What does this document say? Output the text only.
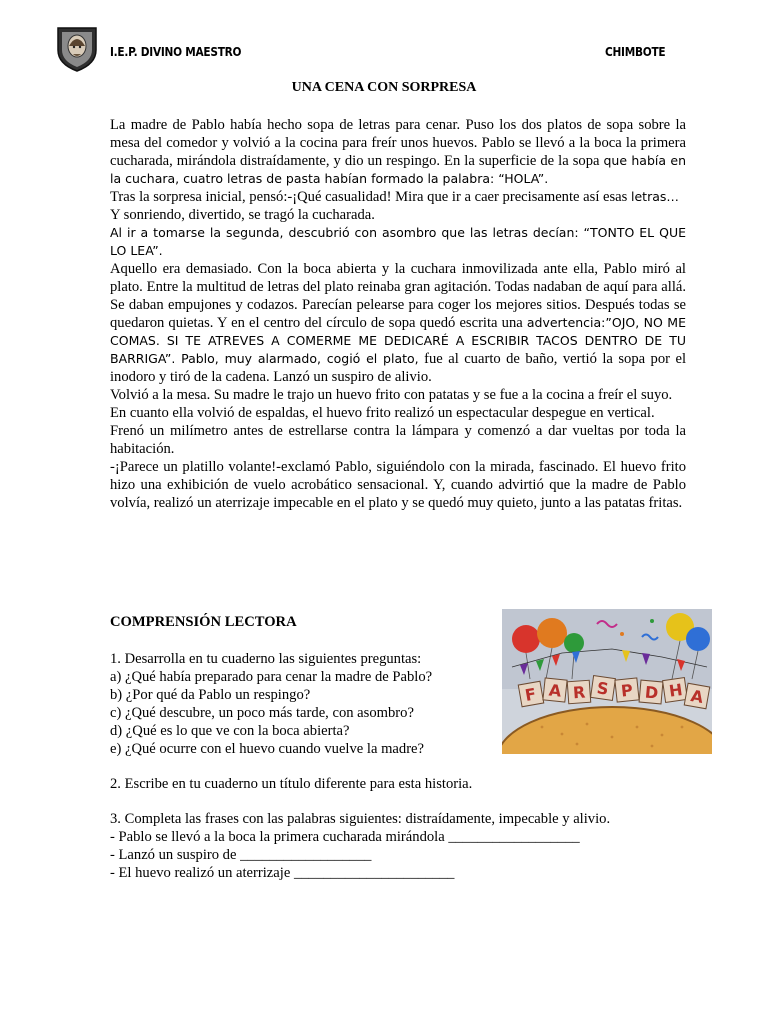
I.E.P. DIVINO MAESTRO	CHIMBOTE
UNA CENA CON SORPRESA

La madre de Pablo había hecho sopa de letras para cenar. Puso los dos platos de sopa sobre la mesa del comedor y volvió a la cocina para freír unos huevos. Pablo se llevó a la boca la primera cucharada, mirándola distraídamente, y dio un respingo. En la superficie de la sopa que había en la cuchara, cuatro letras de pasta habían formado la palabra: “HOLA”.

Tras la sorpresa inicial, pensó:-¡Qué casualidad! Mira que ir a caer precisamente así esas letras…

Y sonriendo, divertido, se tragó la cucharada.

Al ir a tomarse la segunda, descubrió con asombro que las letras decían: “TONTO EL QUE LO LEA”.

Aquello era demasiado. Con la boca abierta y la cuchara inmovilizada ante ella, Pablo miró al plato. Entre la multitud de letras del plato reinaba gran agitación. Todas nadaban de aquí para allá. Se daban empujones y codazos. Parecían pelearse para coger los mejores sitios. Después todas se quedaron quietas. Y en el centro del círculo de sopa quedó escrita una advertencia:”OJO, NO ME COMAS. SI TE ATREVES A COMERME ME DEDICARÉ A ESCRIBIR TACOS DENTRO DE TU BARRIGA”. Pablo, muy alarmado, cogió el plato, fue al cuarto de baño, vertió la sopa por el inodoro y tiró de la cadena. Lanzó un suspiro de alivio.

Volvió a la mesa. Su madre le trajo un huevo frito con patatas y se fue a la cocina a freír el suyo.

En cuanto ella volvió de espaldas, el huevo frito realizó un espectacular despegue en vertical.

Frenó un milímetro antes de estrellarse contra la lámpara y comenzó a dar vueltas por toda la habitación.

-¡Parece un platillo volante!-exclamó Pablo, siguiéndolo con la mirada, fascinado. El huevo frito hizo una exhibición de vuelo acrobático sensacional. Y, cuando advirtió que la madre de Pablo volvía, realizó un aterrizaje impecable en el plato y se quedó muy quieto, junto a las patatas fritas.

COMPRENSIÓN LECTORA
1. Desarrolla en tu cuaderno las siguientes preguntas:
a) ¿Qué había preparado para cenar la madre de Pablo?
b) ¿Por qué da Pablo un respingo?
c) ¿Qué descubre, un poco más tarde, con asombro?
d) ¿Qué es lo que ve con la boca abierta?
e) ¿Qué ocurre con el huevo cuando vuelve la madre?
2. Escribe en tu cuaderno un título diferente para esta historia.
3. Completa las frases con las palabras siguientes: distraídamente, impecable y alivio.
- Pablo se llevó a la boca la primera cucharada mirándola __________________
- Lanzó un suspiro de __________________
- El huevo realizó un aterrizaje ______________________
F A R S P D H A
